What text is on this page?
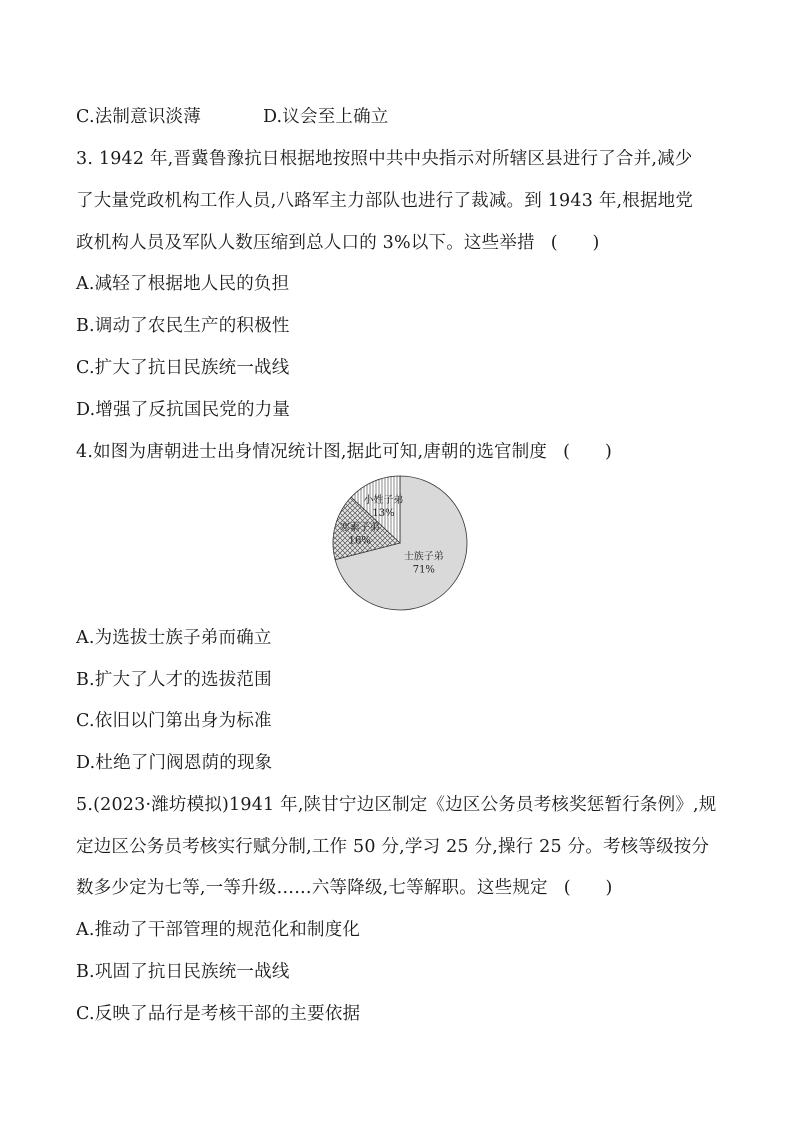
C.法制意识淡薄	D.议会至上确立
3. 1942 年,晋冀鲁豫抗日根据地按照中共中央指示对所辖区县进行了合并,减少
了大量党政机构工作人员,八路军主力部队也进行了裁减。到 1943 年,根据地党
政机构人员及军队人数压缩到总人口的 3%以下。这些举措 (　　)
A.减轻了根据地人民的负担
B.调动了农民生产的积极性
C.扩大了抗日民族统一战线
D.增强了反抗国民党的力量
4.如图为唐朝进士出身情况统计图,据此可知,唐朝的选官制度 (　　)
士族子弟
71%
寒素子弟
16%
小姓子弟
13%
A.为选拔士族子弟而确立
B.扩大了人才的选拔范围
C.依旧以门第出身为标准
D.杜绝了门阀恩荫的现象
5.(2023·潍坊模拟)1941 年,陕甘宁边区制定《边区公务员考核奖惩暂行条例》,规
定边区公务员考核实行赋分制,工作 50 分,学习 25 分,操行 25 分。考核等级按分
数多少定为七等,一等升级……六等降级,七等解职。这些规定 (　　)
A.推动了干部管理的规范化和制度化
B.巩固了抗日民族统一战线
C.反映了品行是考核干部的主要依据
